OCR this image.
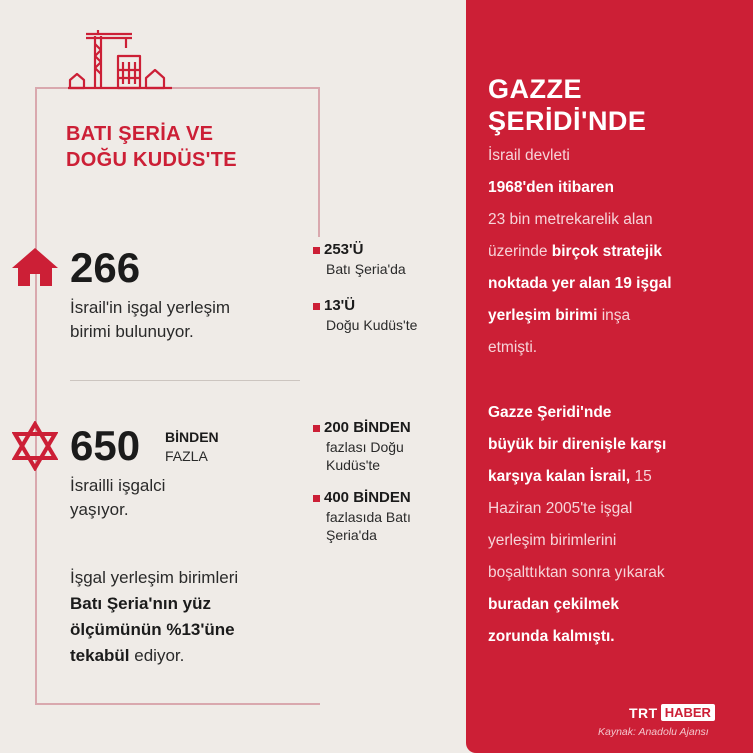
BATI ŞERİA VE
DOĞU KUDÜS'TE
266
İsrail'in işgal yerleşim
birimi bulunuyor.
253'Ü
Batı Şeria'da
13'Ü
Doğu Kudüs'te
650 BİNDEN
FAZLA
İsrailli işgalci
yaşıyor.
200 BİNDEN
fazlası Doğu
Kudüs'te
400 BİNDEN
fazlasıda Batı
Şeria'da
İşgal yerleşim birimleri
Batı Şeria'nın yüz
ölçümünün %13'üne
tekabül ediyor.
GAZZE
ŞERİDİ'NDE
İsrail devleti
1968'den itibaren
23 bin metrekarelik alan
üzerinde birçok stratejik
noktada yer alan 19 işgal
yerleşim birimi inşa
etmişti.
Gazze Şeridi'nde
büyük bir direnişle karşı
karşıya kalan İsrail, 15
Haziran 2005'te işgal
yerleşim birimlerini
boşalttıktan sonra yıkarak
buradan çekilmek
zorunda kalmıştı.
TRT HABER
Kaynak: Anadolu Ajansı
